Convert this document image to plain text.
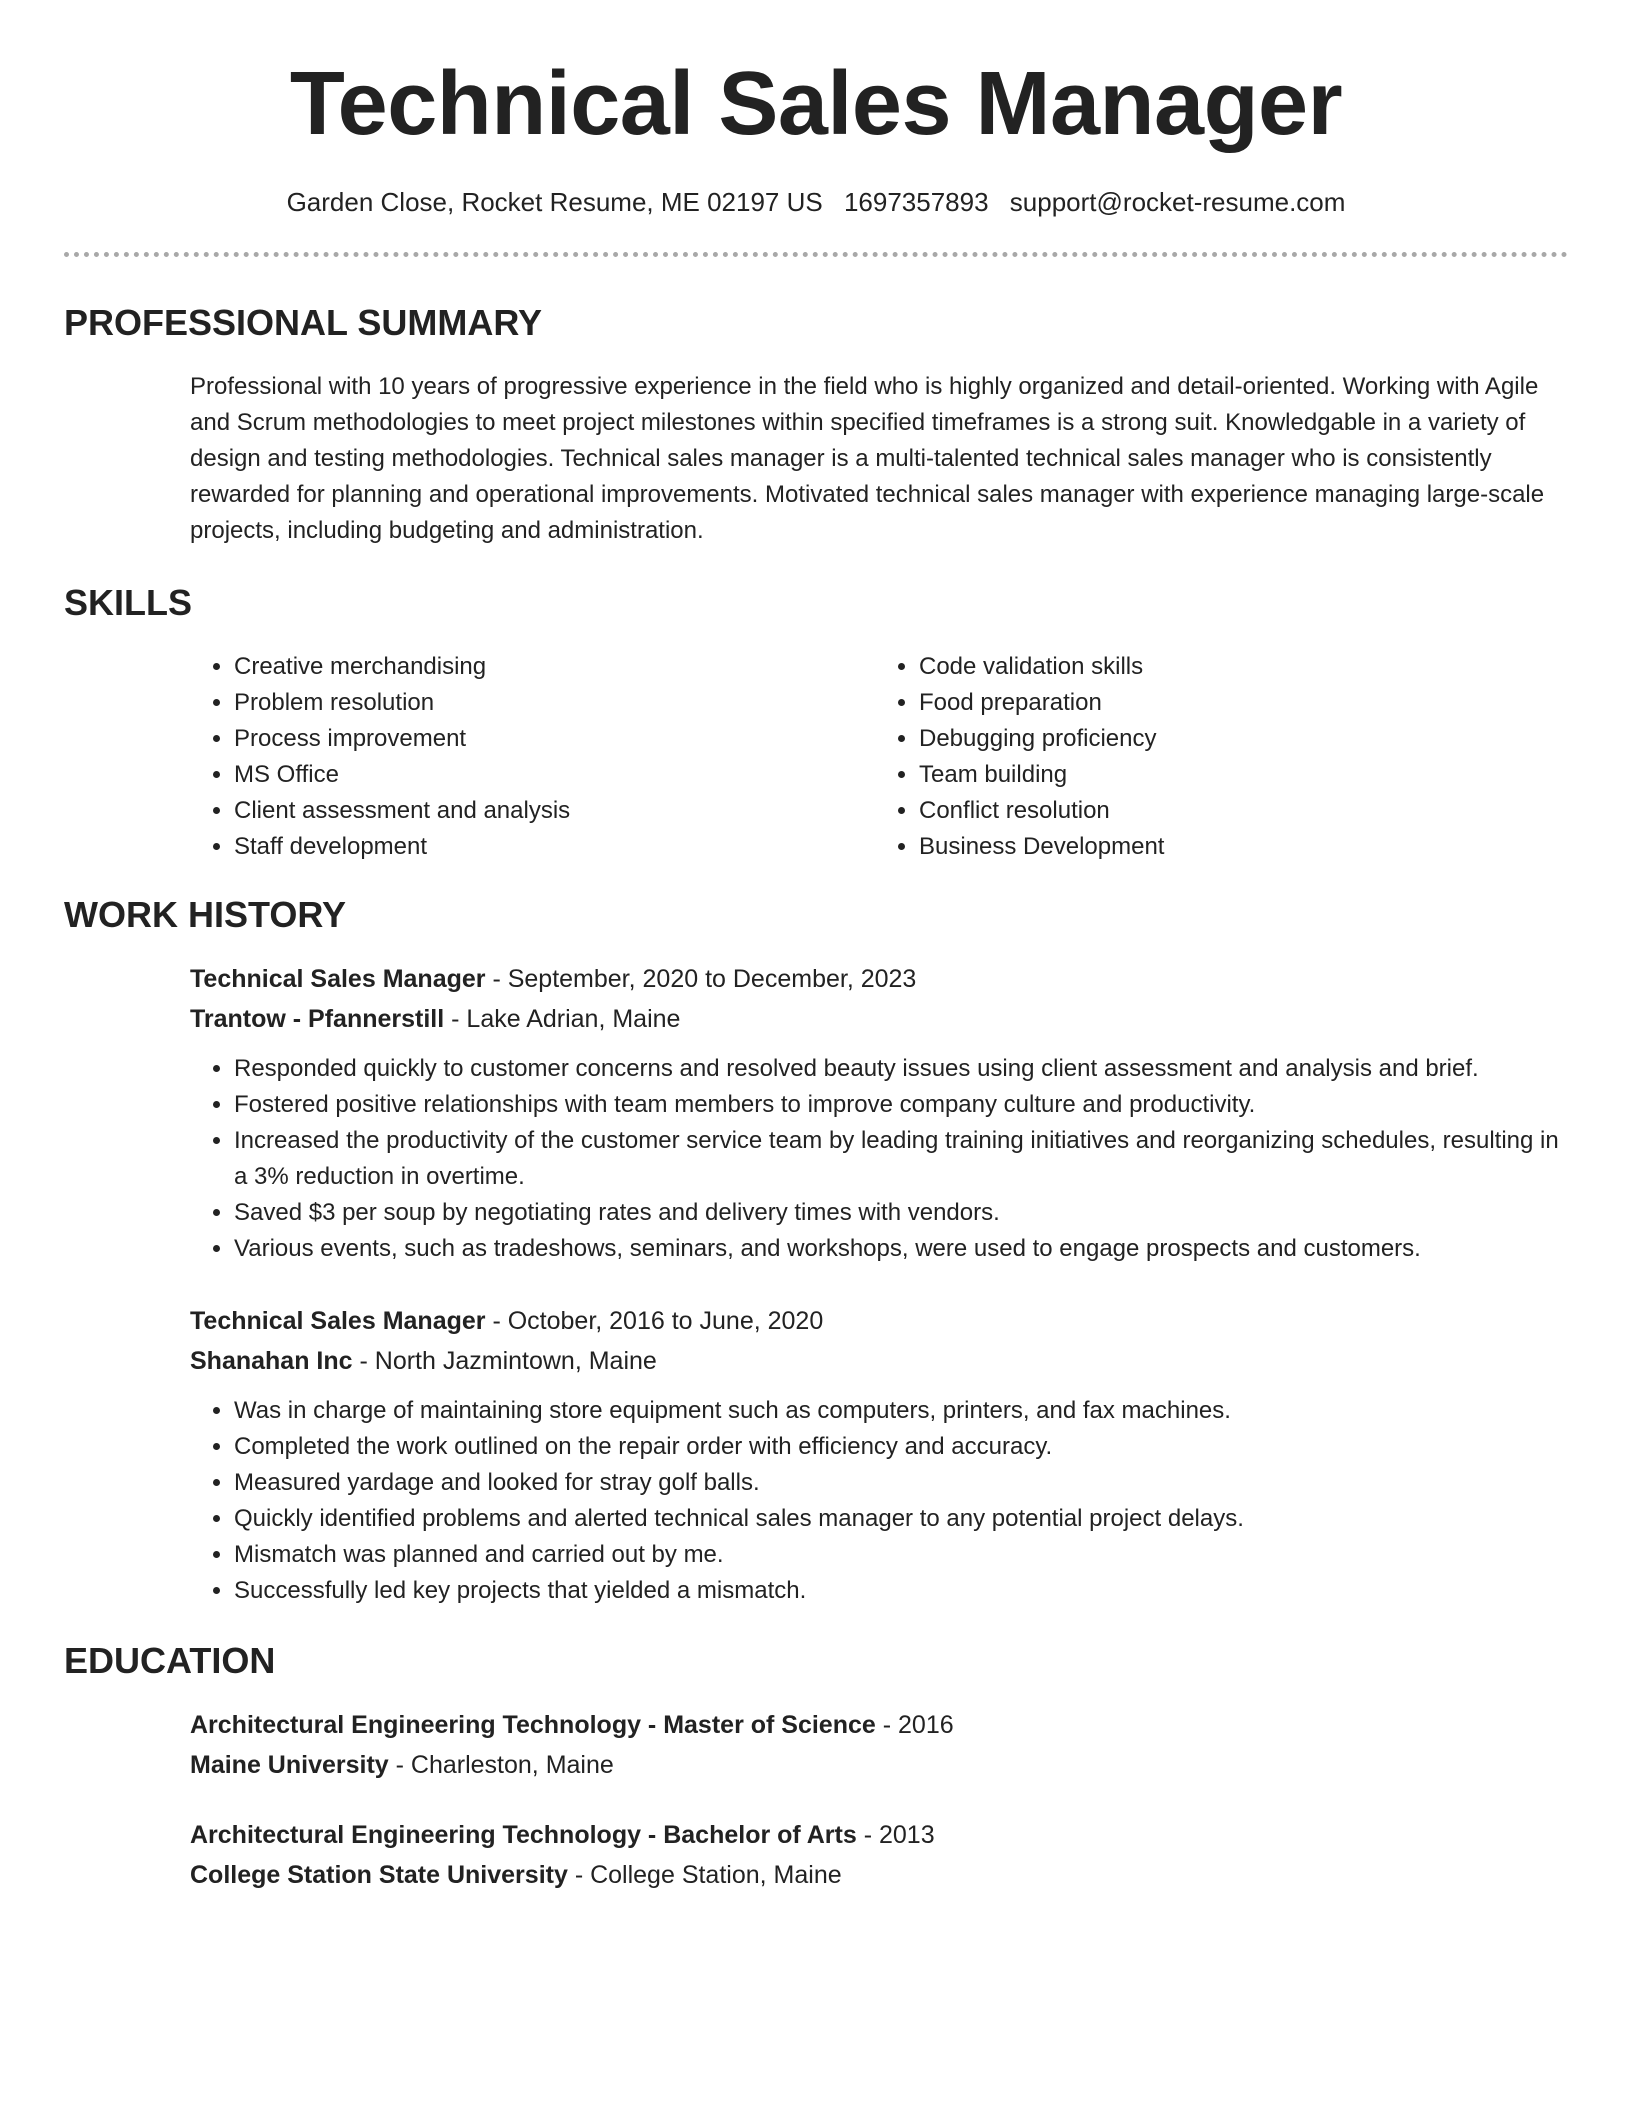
Technical Sales Manager
Garden Close, Rocket Resume, ME 02197 US 1697357893 support@rocket-resume.com
PROFESSIONAL SUMMARY

Professional with 10 years of progressive experience in the field who is highly organized and detail-oriented. Working with Agile and Scrum methodologies to meet project milestones within specified timeframes is a strong suit. Knowledgable in a variety of design and testing methodologies. Technical sales manager is a multi-talented technical sales manager who is consistently rewarded for planning and operational improvements. Motivated technical sales manager with experience managing large-scale projects, including budgeting and administration.

SKILLS
• Creative merchandising
• Problem resolution
• Process improvement
• MS Office
• Client assessment and analysis
• Staff development
• Code validation skills
• Food preparation
• Debugging proficiency
• Team building
• Conflict resolution
• Business Development
WORK HISTORY
Technical Sales Manager - September, 2020 to December, 2023
Trantow - Pfannerstill - Lake Adrian, Maine
• Responded quickly to customer concerns and resolved beauty issues using client assessment and analysis and brief.
• Fostered positive relationships with team members to improve company culture and productivity.
• Increased the productivity of the customer service team by leading training initiatives and reorganizing schedules, resulting in a 3% reduction in overtime.
• Saved $3 per soup by negotiating rates and delivery times with vendors.
• Various events, such as tradeshows, seminars, and workshops, were used to engage prospects and customers.
Technical Sales Manager - October, 2016 to June, 2020
Shanahan Inc - North Jazmintown, Maine
• Was in charge of maintaining store equipment such as computers, printers, and fax machines.
• Completed the work outlined on the repair order with efficiency and accuracy.
• Measured yardage and looked for stray golf balls.
• Quickly identified problems and alerted technical sales manager to any potential project delays.
• Mismatch was planned and carried out by me.
• Successfully led key projects that yielded a mismatch.
EDUCATION
Architectural Engineering Technology - Master of Science - 2016
Maine University - Charleston, Maine
Architectural Engineering Technology - Bachelor of Arts - 2013
College Station State University - College Station, Maine
